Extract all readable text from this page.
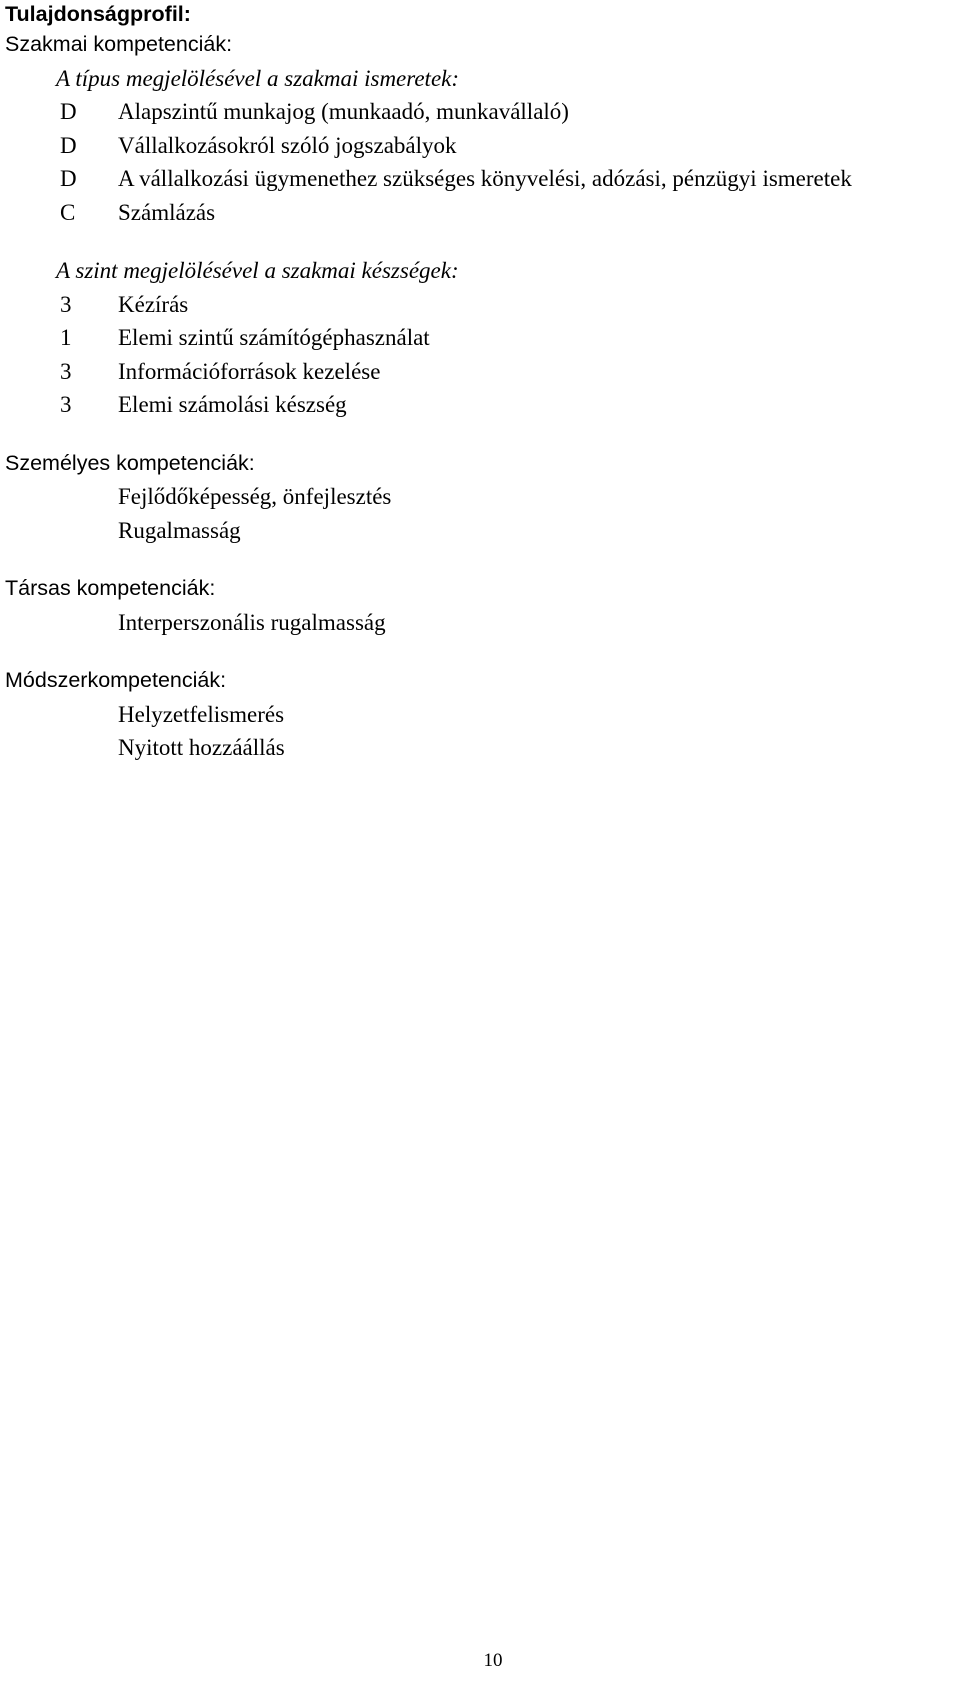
Tulajdonságprofil:
Szakmai kompetenciák:
A típus megjelölésével a szakmai ismeretek:
D	Alapszintű munkajog (munkaadó, munkavállaló)
D	Vállalkozásokról szóló jogszabályok
D	A vállalkozási ügymenethez szükséges könyvelési, adózási, pénzügyi ismeretek
C	Számlázás
A szint megjelölésével a szakmai készségek:
3	Kézírás
1	Elemi szintű számítógéphasználat
3	Információforrások kezelése
3	Elemi számolási készség
Személyes kompetenciák:
Fejlődőképesség, önfejlesztés
Rugalmasság
Társas kompetenciák:
Interperszonális rugalmasság
Módszerkompetenciák:
Helyzetfelismerés
Nyitott hozzáállás
10
